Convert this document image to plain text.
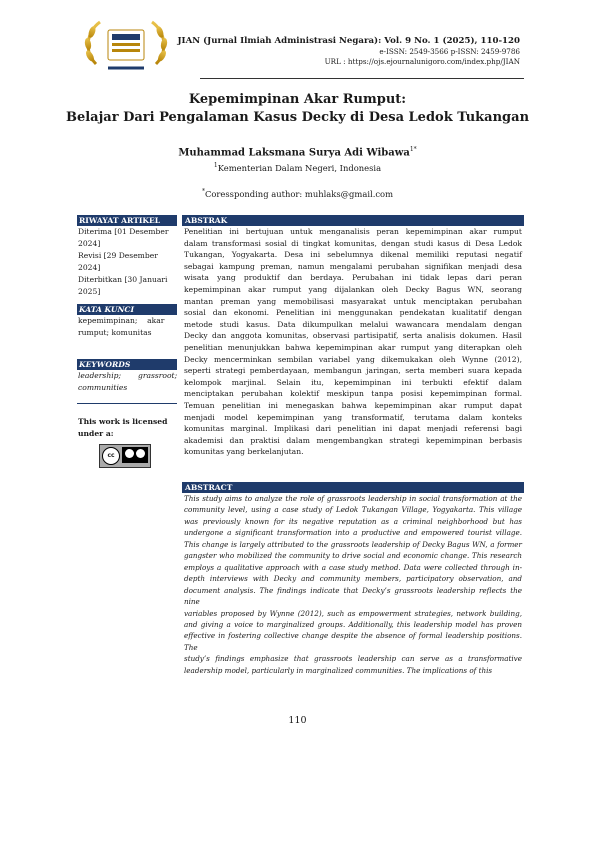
JIAN (Jurnal Ilmiah Administrasi Negara): Vol. 9 No. 1 (2025), 110-120
e-ISSN: 2549-3566 p-ISSN: 2459-9786
URL : https://ojs.ejournalunigoro.com/index.php/JIAN
Kepemimpinan Akar Rumput:
Belajar Dari Pengalaman Kasus Decky di Desa Ledok Tukangan
Muhammad Laksmana Surya Adi Wibawa$^{1*}$
$^1$Kementerian Dalam Negeri, Indonesia
*Coressponding author: muhlaks@gmail.com
RIWAYAT ARTIKEL
Diterima [01 Desember
2024]
Revisi [29 Desember
2024]
Diterbitkan [30 Januari
2025]
KATA KUNCI
kepemimpinan;    akar
rumput; komunitas
KEYWORDS
leadership;       grassroot;
communities
This work is licensed
under a:
cc
ABSTRAK
Penelitian ini bertujuan untuk menganalisis peran kepemimpinan akar rumput
dalam transformasi sosial di tingkat komunitas, dengan studi kasus di Desa Ledok
Tukangan, Yogyakarta. Desa ini sebelumnya dikenal memiliki reputasi negatif
sebagai kampung preman, namun mengalami perubahan signifikan menjadi desa
wisata yang produktif dan berdaya. Perubahan ini tidak lepas dari peran
kepemimpinan akar rumput yang dijalankan oleh Decky Bagus WN, seorang
mantan preman yang memobilisasi masyarakat untuk menciptakan perubahan
sosial dan ekonomi. Penelitian ini menggunakan pendekatan kualitatif dengan
metode studi kasus. Data dikumpulkan melalui wawancara mendalam dengan
Decky dan anggota komunitas, observasi partisipatif, serta analisis dokumen. Hasil
penelitian menunjukkan bahwa kepemimpinan akar rumput yang diterapkan oleh
Decky mencerminkan sembilan variabel yang dikemukakan oleh Wynne (2012),
seperti strategi pemberdayaan, membangun jaringan, serta memberi suara kepada
kelompok marjinal. Selain itu, kepemimpinan ini terbukti efektif dalam
menciptakan perubahan kolektif meskipun tanpa posisi kepemimpinan formal.
Temuan penelitian ini menegaskan bahwa kepemimpinan akar rumput dapat
menjadi model kepemimpinan yang transformatif, terutama dalam konteks
komunitas marginal. Implikasi dari penelitian ini dapat menjadi referensi bagi
akademisi dan praktisi dalam mengembangkan strategi kepemimpinan berbasis
komunitas yang berkelanjutan.
ABSTRACT
This study aims to analyze the role of grassroots leadership in social transformation at the
community level, using a case study of Ledok Tukangan Village, Yogyakarta. This village
was previously known for its negative reputation as a criminal neighborhood but has
undergone a significant transformation into a productive and empowered tourist village.
This change is largely attributed to the grassroots leadership of Decky Bagus WN, a former
gangster who mobilized the community to drive social and economic change. This research
employs a qualitative approach with a case study method. Data were collected through in-
depth interviews with Decky and community members, participatory observation, and
document analysis. The findings indicate that Decky’s grassroots leadership reflects the nine
variables proposed by Wynne (2012), such as empowerment strategies, network building,
and giving a voice to marginalized groups. Additionally, this leadership model has proven
effective in fostering collective change despite the absence of formal leadership positions. The
study’s findings emphasize that grassroots leadership can serve as a transformative
leadership model, particularly in marginalized communities. The implications of this
110
